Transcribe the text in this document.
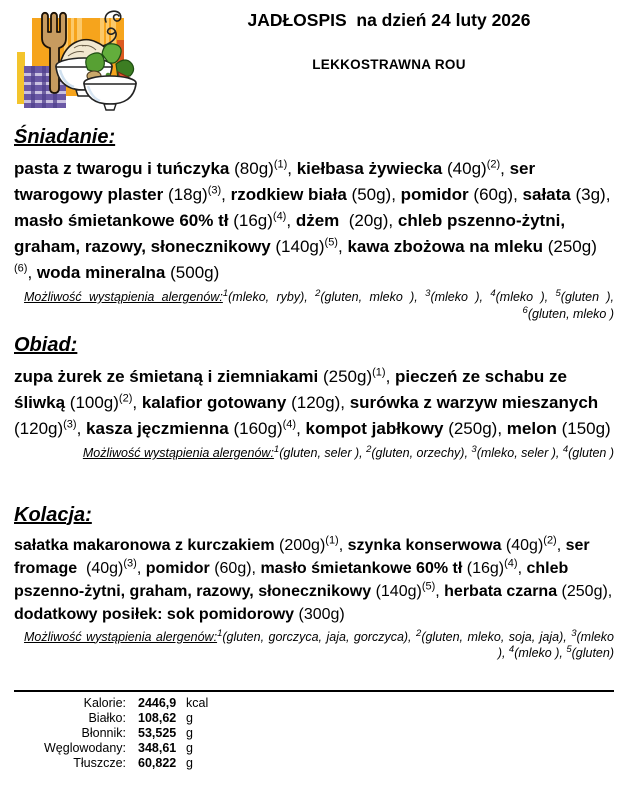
JADŁOSPIS  na dzień 24 luty 2026
LEKKOSTRAWNA ROU
Śniadanie:

pasta z twarogu i tuńczyka $(80g)^{(1)}$, kiełbasa żywiecka $(40g)^{(2)}$, ser twarogowy plaster $(18g)^{(3)}$, rzodkiew biała (50g), pomidor (60g), sałata (3g), masło śmietankowe 60% tł $(16g)^{(4)}$, dżem  (20g), chleb pszenno-żytni, graham, razowy, słonecznikowy $(140g)^{(5)}$, kawa zbożowa na mleku $(250g)^{(6)}$, woda mineralna (500g)

Możliwość wystąpienia alergenów:$^1$(mleko, ryby), $^2$(gluten, mleko ), $^3$(mleko ), $^4$(mleko ), $^5$(gluten ), $^6$(gluten, mleko )

Obiad:

zupa żurek ze śmietaną i ziemniakami $(250g)^{(1)}$, pieczeń ze schabu ze śliwką $(100g)^{(2)}$, kalafior gotowany (120g), surówka z warzyw mieszanych $(120g)^{(3)}$, kasza jęczmienna $(160g)^{(4)}$, kompot jabłkowy (250g), melon (150g)

Możliwość wystąpienia alergenów:$^1$(gluten, seler ), $^2$(gluten, orzechy), $^3$(mleko, seler ), $^4$(gluten )

Kolacja:

sałatka makaronowa z kurczakiem $(200g)^{(1)}$, szynka konserwowa $(40g)^{(2)}$, ser fromage  $(40g)^{(3)}$, pomidor (60g), masło śmietankowe 60% tł $(16g)^{(4)}$, chleb pszenno-żytni, graham, razowy, słonecznikowy $(140g)^{(5)}$, herbata czarna (250g), dodatkowy posiłek: sok pomidorowy (300g)

Możliwość wystąpienia alergenów:$^1$(gluten, gorczyca, jaja, gorczyca), $^2$(gluten, mleko, soja, jaja), $^3$(mleko ), $^4$(mleko ), $^5$(gluten)

Kalorie: 2446,9 kcal
Białko: 108,62 g
Błonnik: 53,525 g
Węglowodany: 348,61 g
Tłuszcze: 60,822 g
